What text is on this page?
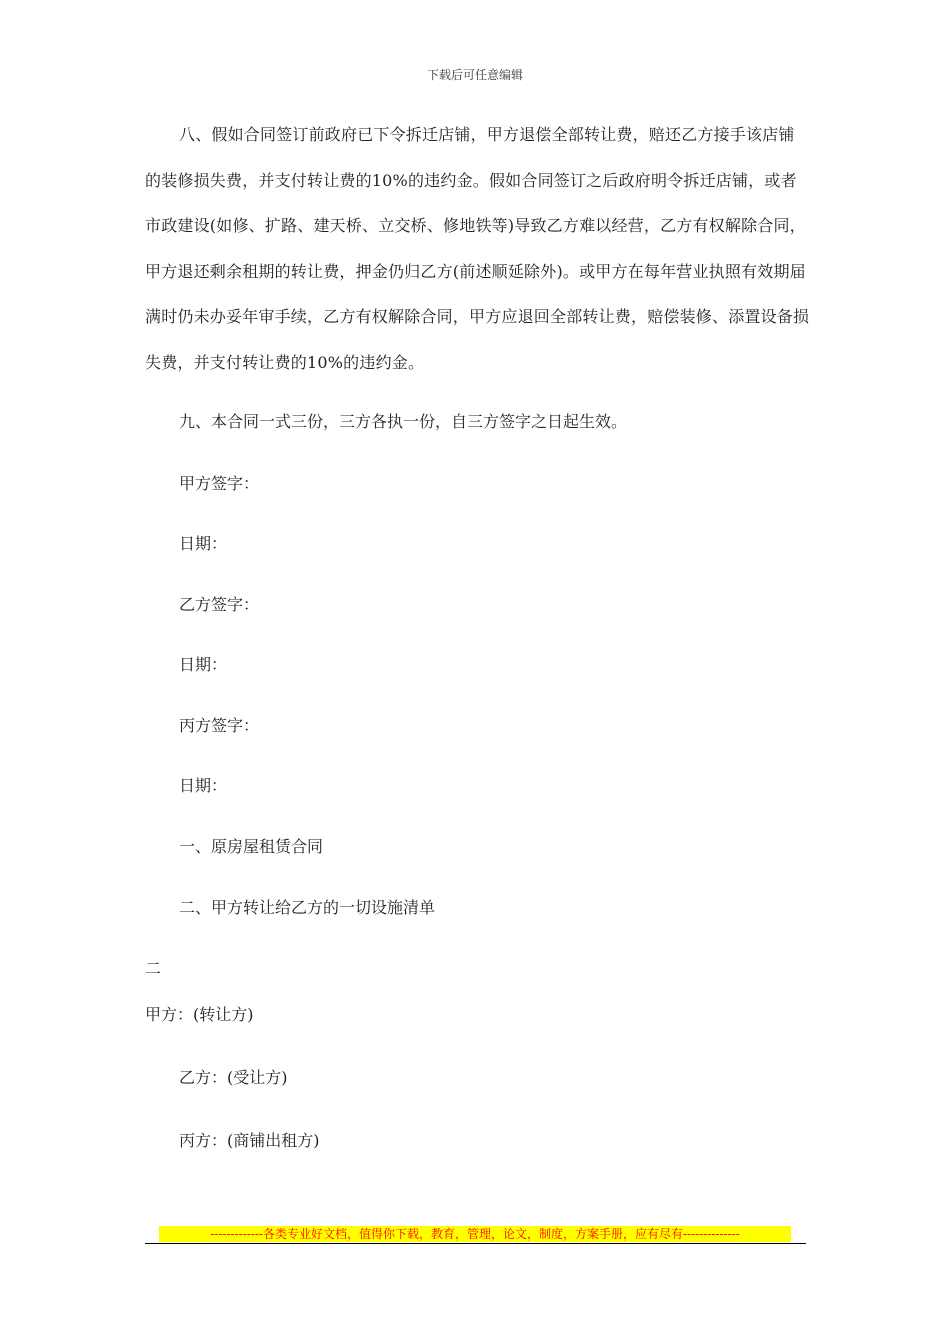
下载后可任意编辑

八、假如合同签订前政府已下令拆迁店铺，甲方退偿全部转让费，赔还乙方接手该店铺的装修损失费，并支付转让费的10%的违约金。假如合同签订之后政府明令拆迁店铺，或者市政建设(如修、扩路、建天桥、立交桥、修地铁等)导致乙方难以经营，乙方有权解除合同，甲方退还剩余租期的转让费，押金仍归乙方(前述顺延除外)。或甲方在每年营业执照有效期届满时仍未办妥年审手续，乙方有权解除合同，甲方应退回全部转让费，赔偿装修、添置设备损失费，并支付转让费的10%的违约金。

九、本合同一式三份，三方各执一份，自三方签字之日起生效。

甲方签字：

日期：

乙方签字：

日期：

丙方签字：

日期：

一、原房屋租赁合同

二、甲方转让给乙方的一切设施清单

二

甲方：(转让方)

乙方：(受让方)

丙方：(商铺出租方)

-------------各类专业好文档，值得你下载，教育，管理，论文，制度，方案手册，应有尽有--------------
